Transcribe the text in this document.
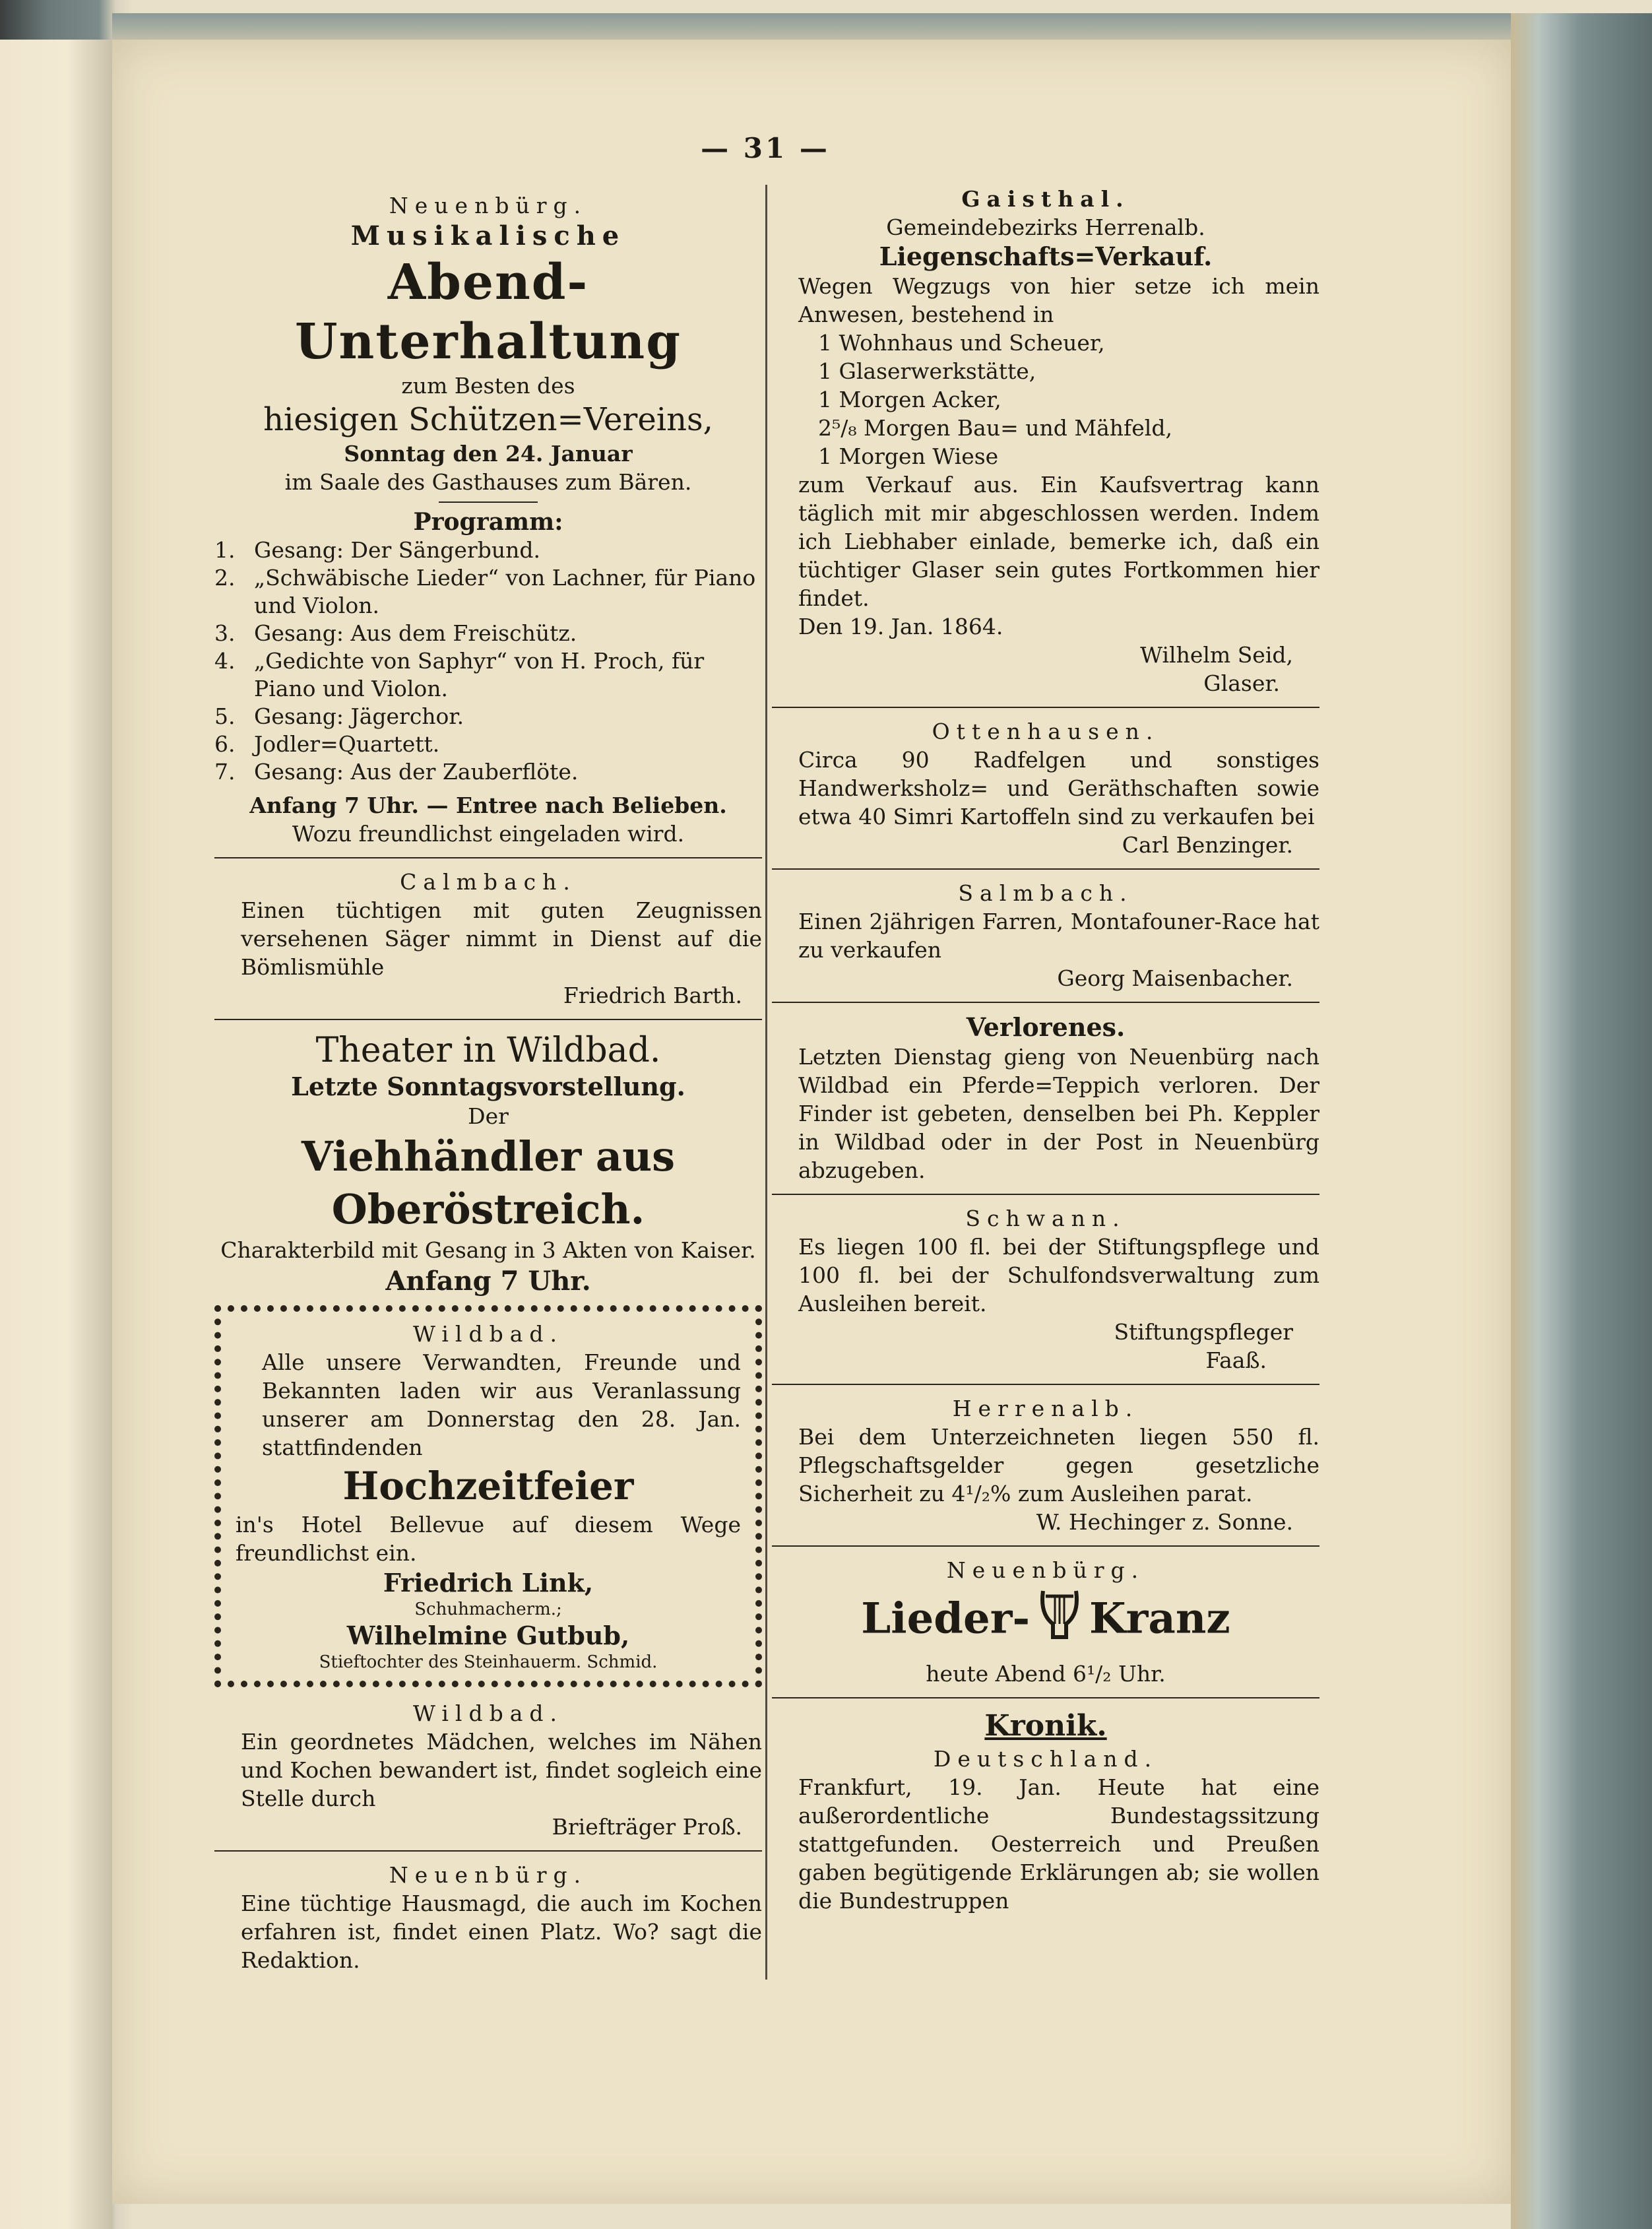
— 31 —
Neuenbürg.
Musikalische
Abend-Unterhaltung
zum Besten des
hiesigen Schützen=Vereins,
Sonntag den 24. Januar
im Saale des Gasthauses zum Bären.
Programm:
1. Gesang: Der Sängerbund.
2. „Schwäbische Lieder“ von Lachner, für Piano
und Violon.
3. Gesang: Aus dem Freischütz.
4. „Gedichte von Saphyr“ von H. Proch, für
Piano und Violon.
5. Gesang: Jägerchor.
6. Jodler=Quartett.
7. Gesang: Aus der Zauberflöte.
Anfang 7 Uhr. — Entree nach Belieben.
Wozu freundlichst eingeladen wird.
Calmbach.
Einen tüchtigen mit guten Zeugnissen versehenen Säger nimmt in Dienst auf die Bömlismühle
Friedrich Barth.
Theater in Wildbad.
Letzte Sonntagsvorstellung.
Der
Viehhändler aus Oberöstreich.
Charakterbild mit Gesang in 3 Akten von Kaiser.
Anfang 7 Uhr.
Wildbad.
Alle unsere Verwandten, Freunde und Bekannten laden wir aus Veranlassung unserer am Donnerstag den 28. Jan. stattfindenden
Hochzeitfeier
in's Hotel Bellevue auf diesem Wege freundlichst ein.
Friedrich Link,
Schuhmacherm.;
Wilhelmine Gutbub,
Stieftochter des Steinhauerm. Schmid.
Wildbad.
Ein geordnetes Mädchen, welches im Nähen und Kochen bewandert ist, findet sogleich eine Stelle durch
Briefträger Proß.
Neuenbürg.
Eine tüchtige Hausmagd, die auch im Kochen erfahren ist, findet einen Platz. Wo? sagt die Redaktion.
Gaisthal.
Gemeindebezirks Herrenalb.
Liegenschafts=Verkauf.
Wegen Wegzugs von hier setze ich mein Anwesen, bestehend in
1 Wohnhaus und Scheuer,
1 Glaserwerkstätte,
1 Morgen Acker,
2⁵/₈ Morgen Bau= und Mähfeld,
1 Morgen Wiese
zum Verkauf aus. Ein Kaufsvertrag kann täglich mit mir abgeschlossen werden. Indem ich Liebhaber einlade, bemerke ich, daß ein tüchtiger Glaser sein gutes Fortkommen hier findet.
Den 19. Jan. 1864.
Wilhelm Seid,
Glaser.
Ottenhausen.
Circa 90 Radfelgen und sonstiges Handwerksholz= und Geräthschaften sowie etwa 40 Simri Kartoffeln sind zu verkaufen bei
Carl Benzinger.
Salmbach.
Einen 2jährigen Farren, Montafouner-Race hat zu verkaufen
Georg Maisenbacher.
Verlorenes.
Letzten Dienstag gieng von Neuenbürg nach Wildbad ein Pferde=Teppich verloren. Der Finder ist gebeten, denselben bei Ph. Keppler in Wildbad oder in der Post in Neuenbürg abzugeben.
Schwann.
Es liegen 100 fl. bei der Stiftungspflege und 100 fl. bei der Schulfondsverwaltung zum Ausleihen bereit.
Stiftungspfleger
Faaß.
Herrenalb.
Bei dem Unterzeichneten liegen 550 fl. Pflegschaftsgelder gegen gesetzliche Sicherheit zu 4¹/₂% zum Ausleihen parat.
W. Hechinger z. Sonne.
Neuenbürg.
Lieder- Kranz
heute Abend 6¹/₂ Uhr.
Kronik.
Deutschland.
Frankfurt, 19. Jan. Heute hat eine außerordentliche Bundestagssitzung stattgefunden. Oesterreich und Preußen gaben begütigende Erklärungen ab; sie wollen die Bundestruppen
